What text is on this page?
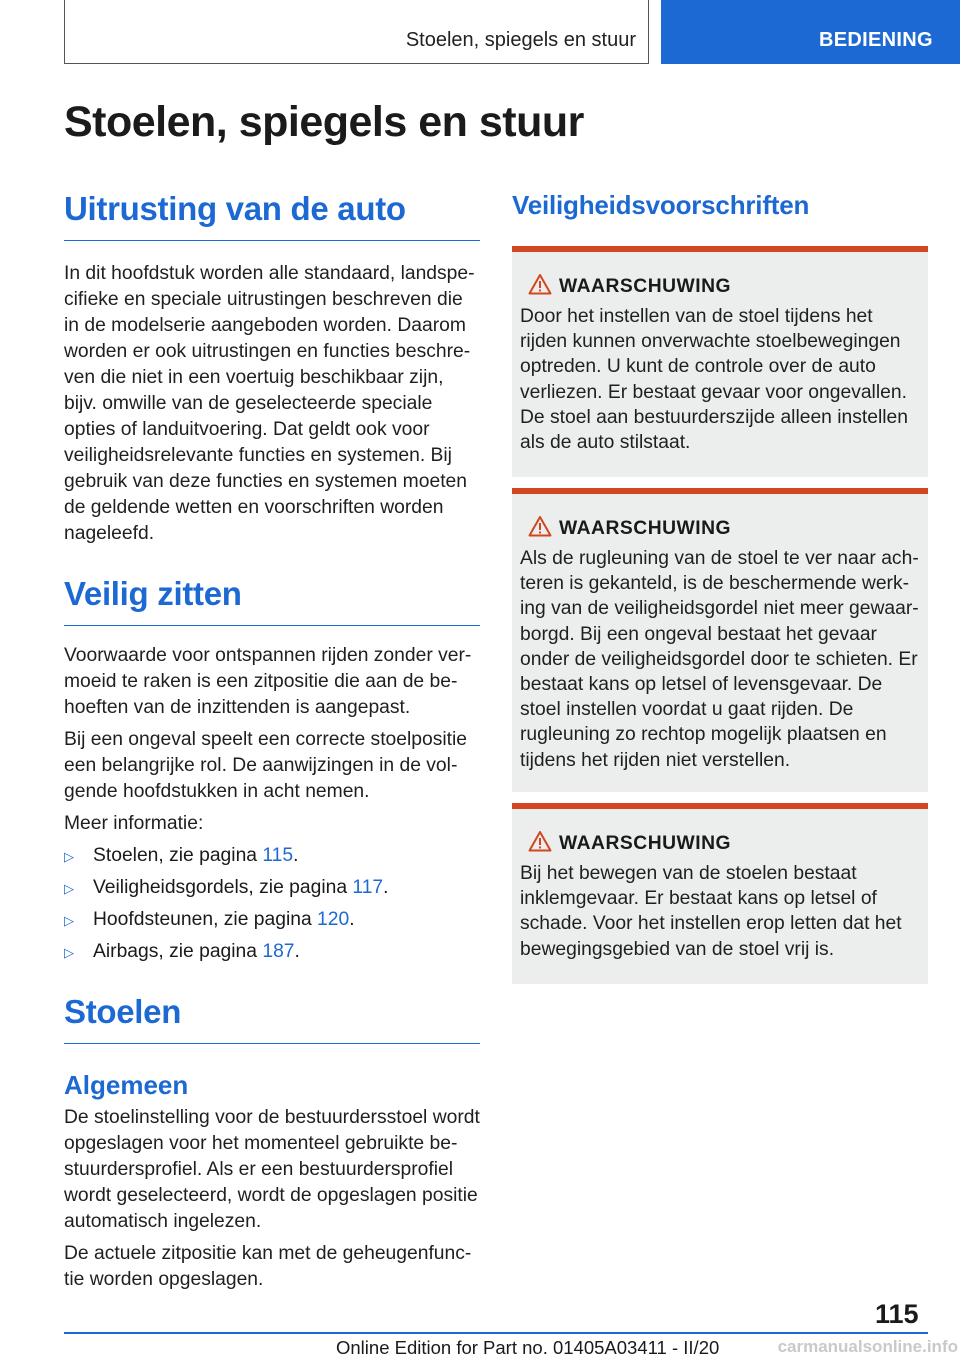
Stoelen, spiegels en stuur	BEDIENING
Stoelen, spiegels en stuur
Uitrusting van de auto

In dit hoofdstuk worden alle standaard, landspecifieke en speciale uitrustingen beschreven die in de modelserie aangeboden worden. Daarom worden er ook uitrustingen en functies beschreven die niet in een voertuig beschikbaar zijn, bijv. omwille van de geselecteerde speciale opties of landuitvoering. Dat geldt ook voor veiligheidsrelevante functies en systemen. Bij gebruik van deze functies en systemen moeten de geldende wetten en voorschriften worden nageleefd.

Veilig zitten

Voorwaarde voor ontspannen rijden zonder vermoeid te raken is een zitpositie die aan de behoeften van de inzittenden is aangepast.

Bij een ongeval speelt een correcte stoelpositie een belangrijke rol. De aanwijzingen in de volgende hoofdstukken in acht nemen.

Meer informatie:

▷ Stoelen, zie pagina 115.
▷ Veiligheidsgordels, zie pagina 117.
▷ Hoofdsteunen, zie pagina 120.
▷ Airbags, zie pagina 187.
Stoelen
Algemeen

De stoelinstelling voor de bestuurdersstoel wordt opgeslagen voor het momenteel gebruikte bestuurdersprofiel. Als er een bestuurdersprofiel wordt geselecteerd, wordt de opgeslagen positie automatisch ingelezen.

De actuele zitpositie kan met de geheugenfunctie worden opgeslagen.

Veiligheidsvoorschriften
WAARSCHUWING

Door het instellen van de stoel tijdens het rijden kunnen onverwachte stoelbewegingen optreden. U kunt de controle over de auto verliezen. Er bestaat gevaar voor ongevallen. De stoel aan bestuurderszijde alleen instellen als de auto stilstaat.

WAARSCHUWING

Als de rugleuning van de stoel te ver naar achteren is gekanteld, is de beschermende werking van de veiligheidsgordel niet meer gewaarborgd. Bij een ongeval bestaat het gevaar onder de veiligheidsgordel door te schieten. Er bestaat kans op letsel of levensgevaar. De stoel instellen voordat u gaat rijden. De rugleuning zo rechtop mogelijk plaatsen en tijdens het rijden niet verstellen.

WAARSCHUWING

Bij het bewegen van de stoelen bestaat inklemgevaar. Er bestaat kans op letsel of schade. Voor het instellen erop letten dat het bewegingsgebied van de stoel vrij is.

115
Online Edition for Part no. 01405A03411 - II/20	carmanualsonline.info
